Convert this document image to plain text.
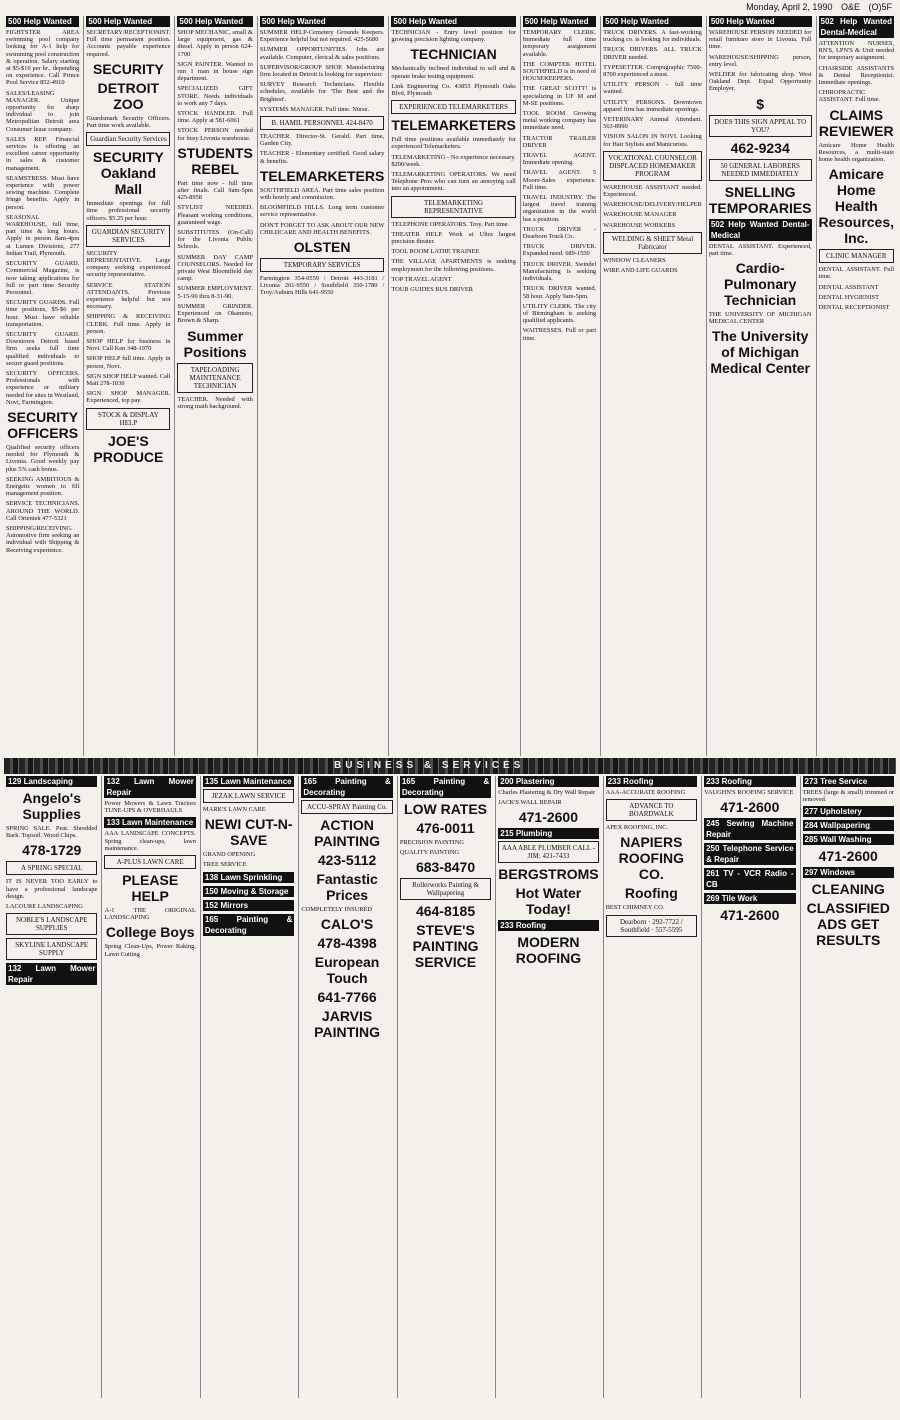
Monday, April 2, 1990 O&E (O)5F
500 Help Wanted
FIGHTSTER AREA swimming pool company looking for A-1 help for swimming pool construction & operation. Salary starting at $5-$10 per hr., depending on experience. Call Prince Pool Service 852-4910
SALES/LEASING MANAGER. Unique opportunity for sharp individual to join Metropolitan Detroit area Consumer lease company.
SALES REP. Financial services is offering an excellent career opportunity in sales & customer management.
SEAMSTRESS. Must have experience with power sewing machine. Complete fringe benefits. Apply in person.
SEASONAL WAREHOUSE, full time, part time & long hours. Apply in person 8am-4pm at Lumen Divisions, 277 Indian Trail, Plymouth.
SECURITY GUARD. Commercial Magazine, is now taking applications for full or part time Security Personnel.
SECURITY GUARDS. Full time positions, $5-$6 per hour. Must have reliable transportation.
SECURITY GUARD. Downtown Detroit based firm seeks full time qualified individuals to secure guard positions.
SECURITY OFFICERS. Professionals with experience or military needed for sites in Westland, Novi, Farmington.
SECURITY OFFICERS
Qualified security officers needed for Plymouth & Livonia. Good weekly pay plus 5% cash bonus.
SEEKING AMBITIOUS & Energetic women to fill management position.
SERVICE TECHNICIANS. AROUND THE WORLD. Call Orientek 477-5321
SHIPPING/RECEIVING. Automotive firm seeking an individual with Shipping & Receiving experience.
500 Help Wanted
SECRETARY/RECEPTIONIST. Full time permanent position. Accounts payable experience required.
SECURITY
DETROIT ZOO
Guardsmark Security Officers. Part time work available.
Guardian Security Services
SECURITY Oakland Mall
Immediate openings for full time professional security officers. $5.25 per hour.
GUARDIAN SECURITY SERVICES
SECURITY REPRESENTATIVE. Large company seeking experienced security representative.
SERVICE STATION ATTENDANTS. Previous experience helpful but not necessary.
SHIPPING & RECEIVING CLERK. Full time. Apply in person.
SHOP HELP for business in Novi. Call Ken 348-1970
SHOP HELP full time. Apply in person, Novi.
SIGN SHOP HELP wanted. Call Matt 278-1030
SIGN SHOP MANAGER. Experienced, top pay.
STOCK & DISPLAY HELP
JOE'S PRODUCE
500 Help Wanted
SHOP MECHANIC, small & large equipment, gas & diesel. Apply in person 624-1700
SIGN PAINTER. Wanted to run 1 man in house sign department.
SPECIALIZED GIFT STORE. Needs individuals to work any 7 days.
STOCK HANDLER. Full time. Apply at 581-6061
STOCK PERSON needed for busy Livonia warehouse.
STUDENTS REBEL
Part time now - full time after finals. Call 9am-5pm 425-8958
STYLIST NEEDED. Pleasant working conditions, guaranteed wage.
SUBSTITUTES (On-Call) for the Livonia Public Schools.
SUMMER DAY CAMP COUNSELORS. Needed for private West Bloomfield day camp.
SUMMER EMPLOYMENT. 5-15-90 thru 8-31-90.
SUMMER GRINDER. Experienced on Okamoto, Brown & Sharp.
Summer Positions
TAPELOADING MAINTENANCE TECHNICIAN
TEACHER. Needed with strong math background.
500 Help Wanted
SUMMER HELP-Cemetery Grounds Keepers. Experience helpful but not required. 425-5680
SUMMER OPPORTUNITIES. Jobs are available. Computer, clerical & sales positions.
SUPERVISOR/GROUP SHOP. Manufacturing firm located in Detroit is looking for supervisor.
SURVEY Research Technicians. Flexible schedules, available for 'The Best and the Brightest'.
SYSTEMS MANAGER. Full time. Nurse.
B. HAMIL PERSONNEL 424-8470
TEACHER. Director-St. Gerald. Part time, Garden City.
TEACHER - Elementary certified. Good salary & benefits.
TELEMARKETERS
SOUTHFIELD AREA. Part time sales position with hourly and commission.
BLOOMFIELD HILLS. Long term customer service representative.
DON'T FORGET TO ASK ABOUT OUR NEW CHILDCARE AND HEALTH BENEFITS.
OLSTEN
TEMPORARY SERVICES
Farmington 354-0559 / Detroit 443-3181 / Livonia 261-9550 / Southfield 350-1780 / Troy/Auburn Hills 641-9550
500 Help Wanted
TECHNICIAN - Entry level position for growing precision lighting company.
TECHNICIAN
Mechanically inclined individual to sell and & operate brake testing equipment.
Link Engineering Co. 43855 Plymouth Oaks Blvd, Plymouth
EXPERIENCED TELEMARKETERS
TELEMARKETERS
Full time positions available immediately for experienced Telemarketers.
TELEMARKETING - No experience necessary. $200/week.
TELEMARKETING OPERATORS. We need Telephone Pros who can turn an annoying call into an appointment.
TELEMARKETING REPRESENTATIVE
TELEPHONE OPERATORS. Troy. Part time.
THEATER HELP. Work at Ultra largest precision theater.
TOOL ROOM LATHE TRAINEE
THE VILLAGE APARTMENTS is seeking employment for the following positions.
TOP TRAVEL AGENT
TOUR GUIDES BUS DRIVER
500 Help Wanted
TEMPORARY CLERK. Immediate full time temporary assignment available.
THE COMPTEK HOTEL SOUTHFIELD is in need of HOUSEKEEPERS.
THE GREAT SCOTT! is specializing in UF M and M-SE positions.
TOOL ROOM. Growing metal working company has immediate need.
TRACTOR TRAILER DRIVER
TRAVEL AGENT. Immediate opening.
TRAVEL AGENT. 5 Moore-Sales experience. Full time.
TRAVEL INDUSTRY. The largest travel training organization in the world has a position.
TRUCK DRIVER - Dearborn Truck Co.
TRUCK DRIVER. Expanded need. 689-1550
TRUCK DRIVER. Swindel Manufacturing is seeking individuals.
TRUCK DRIVER wanted, 58 hour. Apply 9am-5pm.
UTILITY CLERK. The city of Birmingham is seeking qualified applicants.
WAITRESSES. Full or part time.
500 Help Wanted
TRUCK DRIVERS. A fast-working trucking co. is looking for individuals.
TRUCK DRIVERS. ALL TRUCK DRIVER needed.
TYPESETTER. Compugraphic 7500-8700 experienced a must.
UTILITY PERSON - full time wanted.
UTILITY PERSONS. Downtown apparel firm has immediate openings.
VETERINARY Animal Attendant. 563-8990
VISION SALON IN NOVI. Looking for Hair Stylists and Manicurists.
VOCATIONAL COUNSELOR DISPLACED HOMEMAKER PROGRAM
WAREHOUSE ASSISTANT needed. Experienced.
WAREHOUSE/DELIVERY/HELPER
WAREHOUSE MANAGER
WAREHOUSE WORKERS
WELDING & SHEET Metal Fabricator
WINDOW CLEANERS
WIRE AND LIFE GUARDS
500 Help Wanted
WAREHOUSE PERSON NEEDED for retail furniture store in Livonia. Full time.
WAREHOUSE/SHIPPING person, entry level.
WELDER for fabricating shop. West Oakland Dept. Equal Opportunity Employer.
$
DOES THIS SIGN APPEAL TO YOU?
462-9234
50 GENERAL LABORERS NEEDED IMMEDIATELY
SNELLING TEMPORARIES
502 Help Wanted Dental-Medical
DENTAL ASSISTANT. Experienced, part time.
Cardio-Pulmonary Technician
THE UNIVERSITY OF MICHIGAN MEDICAL CENTER
The University of Michigan Medical Center
502 Help Wanted Dental-Medical
ATTENTION NURSES, RN'S, LPN'S & Unit needed for temporary assignment.
CHAIRSIDE ASSISTANTS & Dental Receptionist. Immediate openings.
CHIROPRACTIC ASSISTANT. Full time.
CLAIMS REVIEWER
Amicare Home Health Resources, a multi-state home health organization.
Amicare Home Health Resources, Inc.
CLINIC MANAGER
DENTAL ASSISTANT. Full time.
DENTAL ASSISTANT
DENTAL HYGIENIST
DENTAL RECEPTIONIST
BUSINESS & SERVICES
129 Landscaping
Angelo's Supplies
SPRING SALE. Peat. Shredded Bark. Topsoil. Wood Chips.
478-1729
A SPRING SPECIAL
IT IS NEVER TOO EARLY to have a professional landscape design.
LACOURE LANDSCAPING
NOBLE'S LANDSCAPE SUPPLIES
SKYLINE LANDSCAPE SUPPLY
132 Lawn Mower Repair
132 Lawn Mower Repair
Power Mowers & Lawn Tractors TUNE-UPS & OVERHAULS
133 Lawn Maintenance
AAA LANDSCAPE CONCEPTS. Spring clean-ups, lawn maintenance.
A-PLUS LAWN CARE
PLEASE HELP
A-1 THE ORIGINAL LANDSCAPING
College Boys
Spring Clean-Ups, Power Raking, Lawn Cutting
135 Lawn Maintenance
JEZAK LAWN SERVICE
MARK'S LAWN CARE
NEWI CUT-N-SAVE
GRAND OPENING
TREE SERVICE
138 Lawn Sprinkling
150 Moving & Storage
152 Mirrors
165 Painting & Decorating
165 Painting & Decorating
ACCU-SPRAY Painting Co.
ACTION PAINTING
423-5112
Fantastic Prices
COMPLETELY INSURED
CALO'S
478-4398
European Touch
641-7766
JARVIS PAINTING
165 Painting & Decorating
LOW RATES
476-0011
PRECISION PAINTING
QUALITY PAINTING
683-8470
Rollerworks Painting & Wallpapering
464-8185
STEVE'S PAINTING SERVICE
200 Plastering
Charles Plastering & Dry Wall Repair
JACK'S WALL REPAIR
471-2600
215 Plumbing
AAA ABLE PLUMBER CALL - JIM: 421-7433
BERGSTROMS
Hot Water Today!
233 Roofing
MODERN ROOFING
233 Roofing
AAA-ACCURATE ROOFING
ADVANCE TO BOARDWALK
APEX ROOFING, INC.
NAPIERS ROOFING CO.
Roofing
BEST CHIMNEY CO.
Dearborn · 292-7722 / Southfield · 557-5595
233 Roofing
VAUGHN'S ROOFING SERVICE
471-2600
245 Sewing Machine Repair
250 Telephone Service & Repair
261 TV - VCR Radio - CB
269 Tile Work
471-2600
273 Tree Service
TREES (large & small) trimmed or removed.
277 Upholstery
284 Wallpapering
285 Wall Washing
471-2600
297 Windows
CLEANING
CLASSIFIED ADS GET RESULTS
